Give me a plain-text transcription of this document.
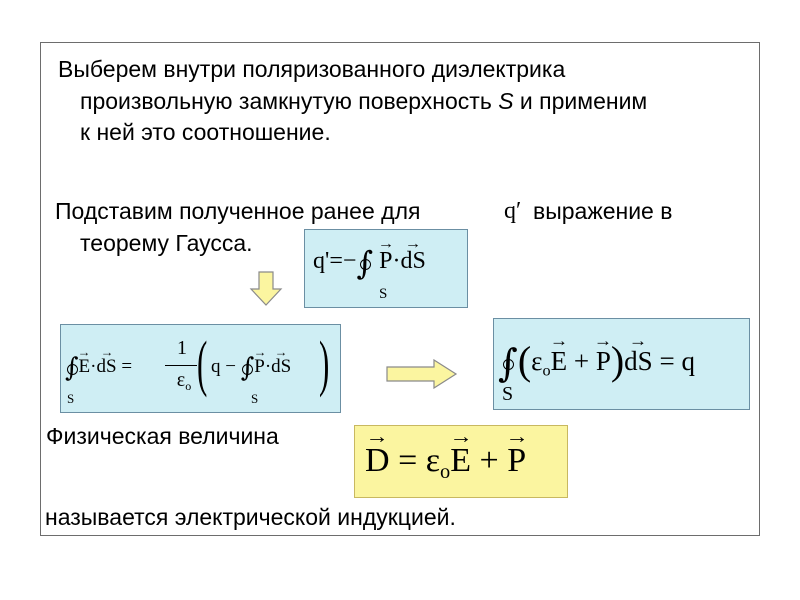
Выберем внутри поляризованного диэлектрика
произвольную замкнутую поверхность S и применим
к ней это соотношение.
Подставим полученное ранее для	q′ выражение в
теорему Гаусса.
q'=−∫ → P·→ dS
S
∫
→ E·→ dS =
1
$\varepsilon_o$ ( q − ∫
→ P·→ dS )
S	S
∫
($\varepsilon_o\to E$ + → P)→ dS = q
S
Физическая величина
→ $D = \varepsilon_o\to E$ + → P
называется электрической индукцией.
